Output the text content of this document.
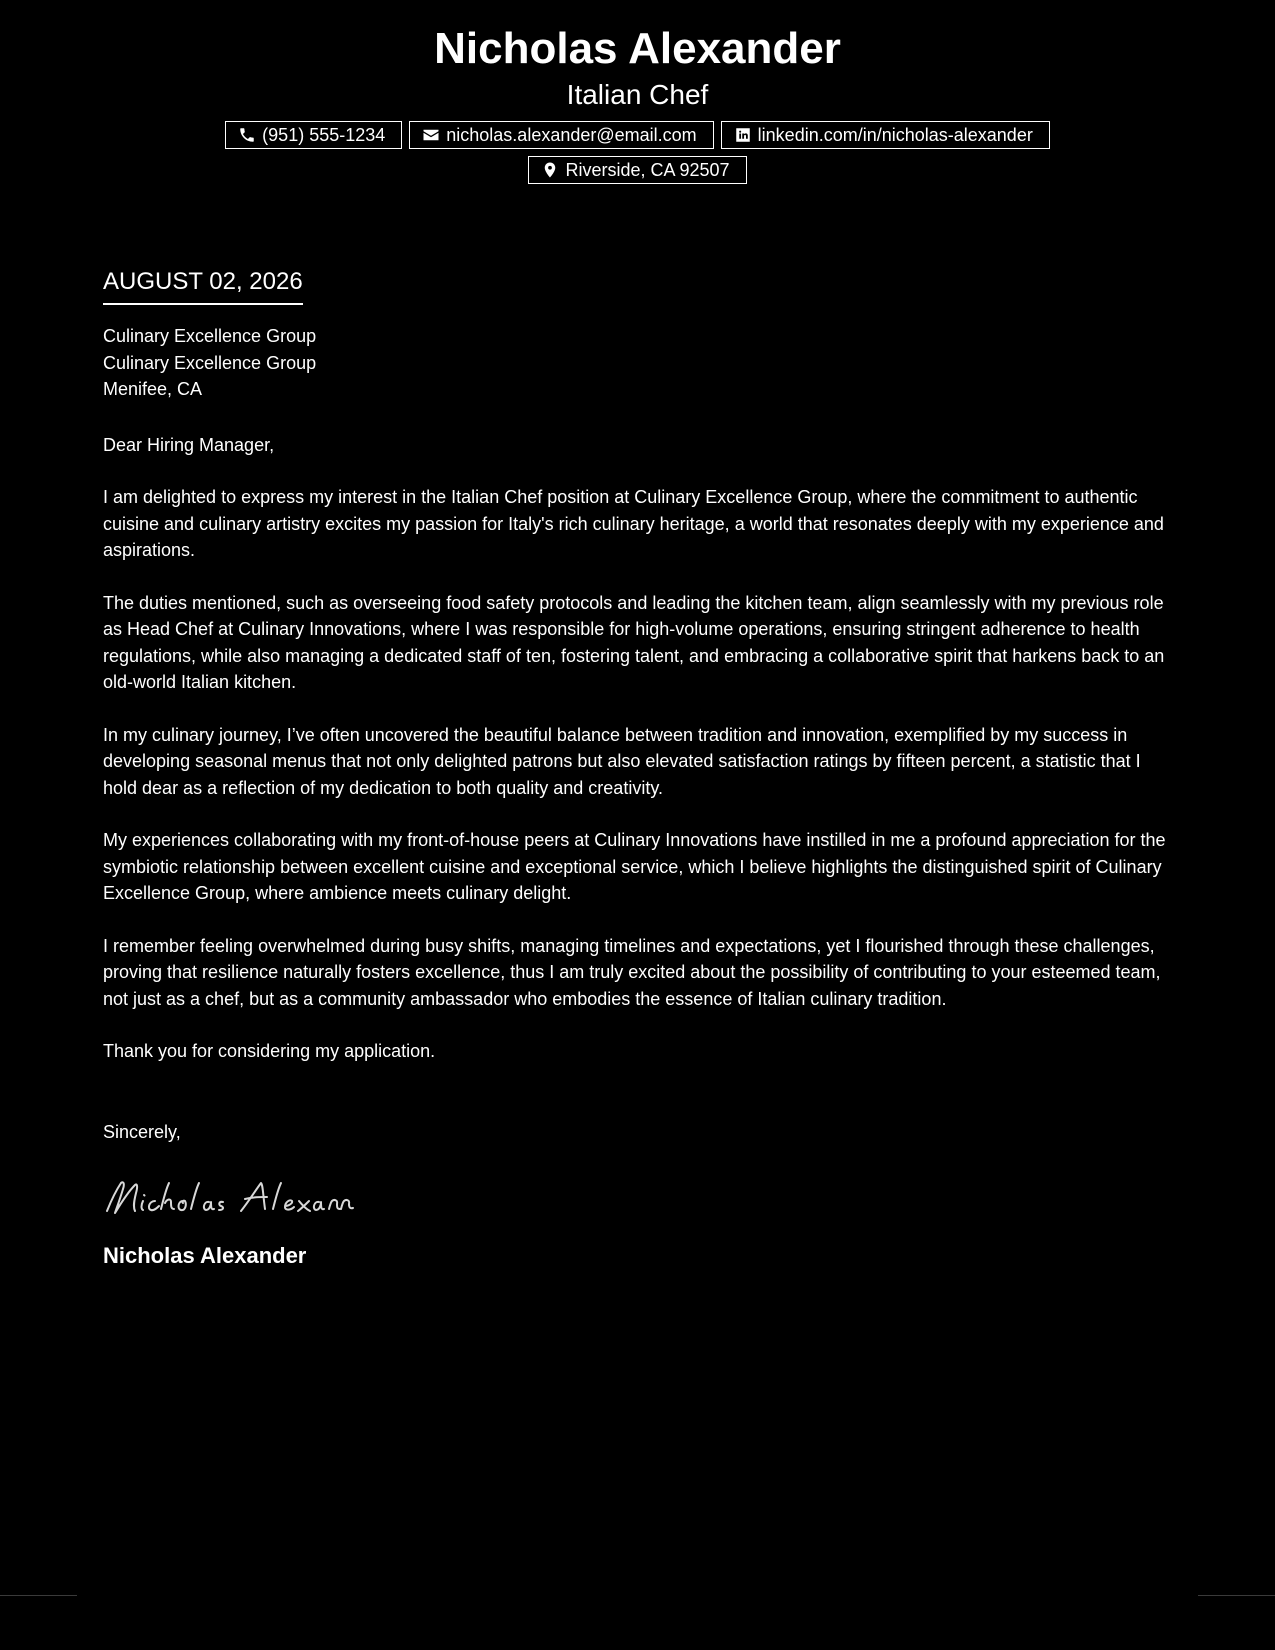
Nicholas Alexander
Italian Chef
(951) 555-1234	nicholas.alexander@email.com	linkedin.com/in/nicholas-alexander
Riverside, CA 92507
AUGUST 02, 2026
Culinary Excellence Group
Culinary Excellence Group
Menifee, CA
Dear Hiring Manager,

I am delighted to express my interest in the Italian Chef position at Culinary Excellence Group, where the commitment to authentic cuisine and culinary artistry excites my passion for Italy's rich culinary heritage, a world that resonates deeply with my experience and aspirations.

The duties mentioned, such as overseeing food safety protocols and leading the kitchen team, align seamlessly with my previous role as Head Chef at Culinary Innovations, where I was responsible for high-volume operations, ensuring stringent adherence to health regulations, while also managing a dedicated staff of ten, fostering talent, and embracing a collaborative spirit that harkens back to an old-world Italian kitchen.

In my culinary journey, I’ve often uncovered the beautiful balance between tradition and innovation, exemplified by my success in developing seasonal menus that not only delighted patrons but also elevated satisfaction ratings by fifteen percent, a statistic that I hold dear as a reflection of my dedication to both quality and creativity.

My experiences collaborating with my front-of-house peers at Culinary Innovations have instilled in me a profound appreciation for the symbiotic relationship between excellent cuisine and exceptional service, which I believe highlights the distinguished spirit of Culinary Excellence Group, where ambience meets culinary delight.

I remember feeling overwhelmed during busy shifts, managing timelines and expectations, yet I flourished through these challenges, proving that resilience naturally fosters excellence, thus I am truly excited about the possibility of contributing to your esteemed team, not just as a chef, but as a community ambassador who embodies the essence of Italian culinary tradition.

Thank you for considering my application.

Sincerely,
Nicholas Alexander
